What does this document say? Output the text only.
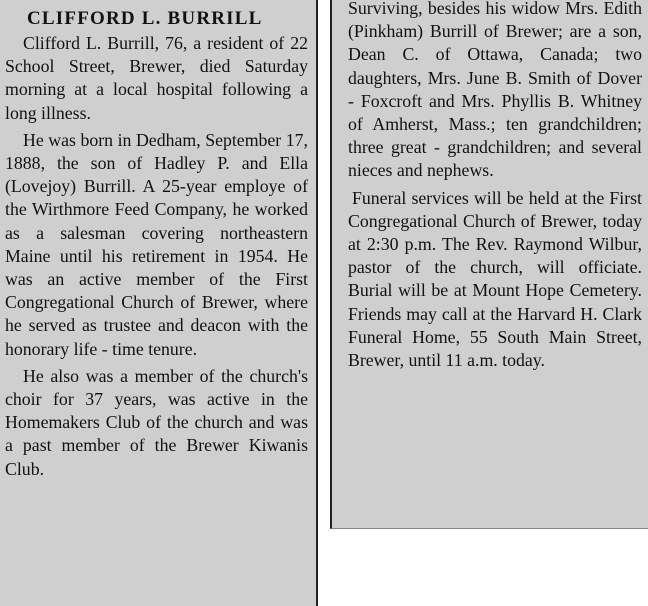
CLIFFORD L. BURRILL

Clifford L. Burrill, 76, a resident of 22 School Street, Brewer, died Saturday morning at a local hospital following a long illness.

He was born in Dedham, September 17, 1888, the son of Hadley P. and Ella (Lovejoy) Burrill. A 25-year employe of the Wirthmore Feed Company, he worked as a salesman covering northeastern Maine until his retirement in 1954. He was an active member of the First Congregational Church of Brewer, where he served as trustee and deacon with the honorary life - time tenure.

He also was a member of the church's choir for 37 years, was active in the Homemakers Club of the church and was a past member of the Brewer Kiwanis Club.

Surviving, besides his widow Mrs. Edith (Pinkham) Burrill of Brewer; are a son, Dean C. of Ottawa, Canada; two daughters, Mrs. June B. Smith of Dover - Foxcroft and Mrs. Phyllis B. Whitney of Amherst, Mass.; ten grandchildren; three great - grandchildren; and several nieces and nephews.

Funeral services will be held at the First Congregational Church of Brewer, today at 2:30 p.m. The Rev. Raymond Wilbur, pastor of the church, will officiate. Burial will be at Mount Hope Cemetery. Friends may call at the Harvard H. Clark Funeral Home, 55 South Main Street, Brewer, until 11 a.m. today.
